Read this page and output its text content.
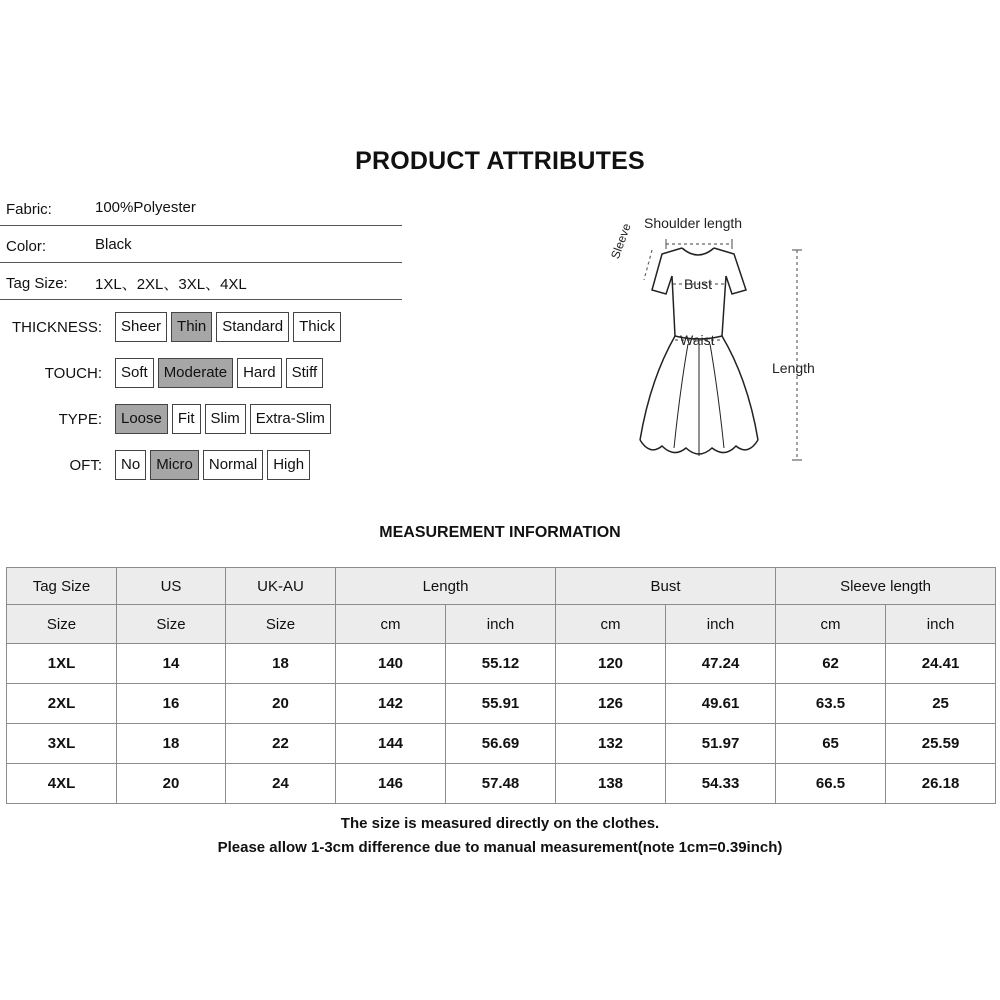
PRODUCT ATTRIBUTES
Fabric:	100%Polyester
Color:	Black
Tag Size: 1XL、2XL、3XL、4XL
THICKNESS:	Sheer	Thin	Standard	Thick
TOUCH:	Soft	Moderate	Hard	Stiff
TYPE:	Loose	Fit	Slim	Extra-Slim
OFT:	No	Micro	Normal	High
Shoulder length
Sleeve
Bust
Waist
Length
MEASUREMENT INFORMATION
Tag Size	US	UK-AU	Length		Bust		Sleeve length	
Size	Size	Size	cm	inch	cm	inch	cm	inch
1XL	14	18	140	55.12	120	47.24	62	24.41
2XL	16	20	142	55.91	126	49.61	63.5	25
3XL	18	22	144	56.69	132	51.97	65	25.59
4XL	20	24	146	57.48	138	54.33	66.5	26.18
The size is measured directly on the clothes.
Please allow 1-3cm difference due to manual measurement(note 1cm=0.39inch)
